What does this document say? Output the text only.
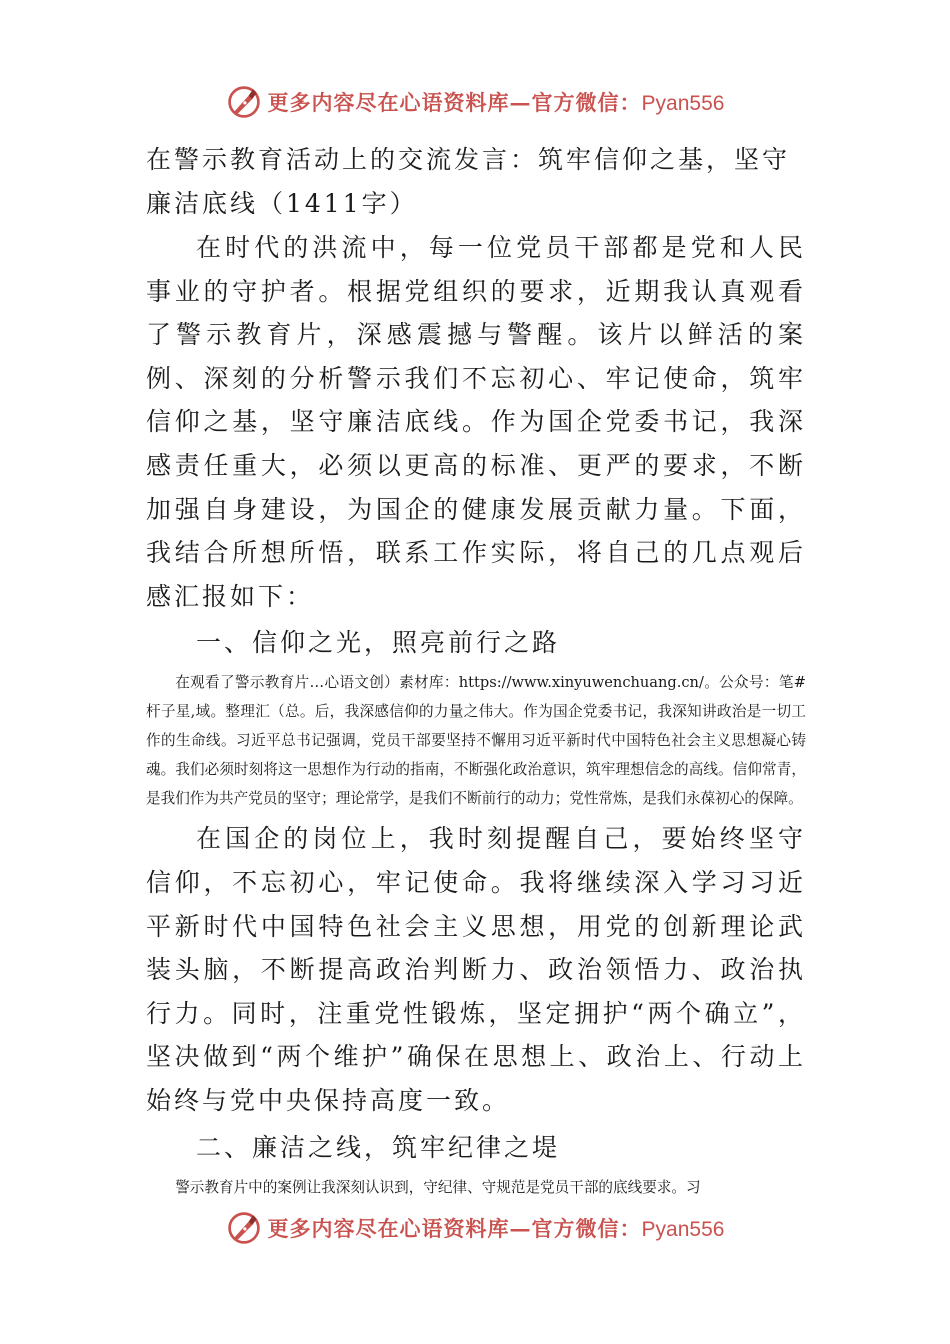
更多内容尽在心语资料库—官方微信：Pyan556

在警示教育活动上的交流发言：筑牢信仰之基，坚守廉洁底线（1411字）

在时代的洪流中，每一位党员干部都是党和人民事业的守护者。根据党组织的要求，近期我认真观看了警示教育片，深感震撼与警醒。该片以鲜活的案例、深刻的分析警示我们不忘初心、牢记使命，筑牢信仰之基，坚守廉洁底线。作为国企党委书记，我深感责任重大，必须以更高的标准、更严的要求，不断加强自身建设，为国企的健康发展贡献力量。下面，我结合所想所悟，联系工作实际，将自己的几点观后感汇报如下：

一、信仰之光，照亮前行之路

在观看了警示教育片…心语文创）素材库：https://www.xinyuwenchuang.cn/。公众号：笔#杆子星,域。整理汇（总。后，我深感信仰的力量之伟大。作为国企党委书记，我深知讲政治是一切工作的生命线。习近平总书记强调，党员干部要坚持不懈用习近平新时代中国特色社会主义思想凝心铸魂。我们必须时刻将这一思想作为行动的指南，不断强化政治意识，筑牢理想信念的高线。信仰常青，是我们作为共产党员的坚守；理论常学，是我们不断前行的动力；党性常炼，是我们永葆初心的保障。

在国企的岗位上，我时刻提醒自己，要始终坚守信仰，不忘初心，牢记使命。我将继续深入学习习近平新时代中国特色社会主义思想，用党的创新理论武装头脑，不断提高政治判断力、政治领悟力、政治执行力。同时，注重党性锻炼，坚定拥护“两个确立”，坚决做到“两个维护”确保在思想上、政治上、行动上始终与党中央保持高度一致。

二、廉洁之线，筑牢纪律之堤

警示教育片中的案例让我深刻认识到，守纪律、守规范是党员干部的底线要求。习

更多内容尽在心语资料库—官方微信：Pyan556
